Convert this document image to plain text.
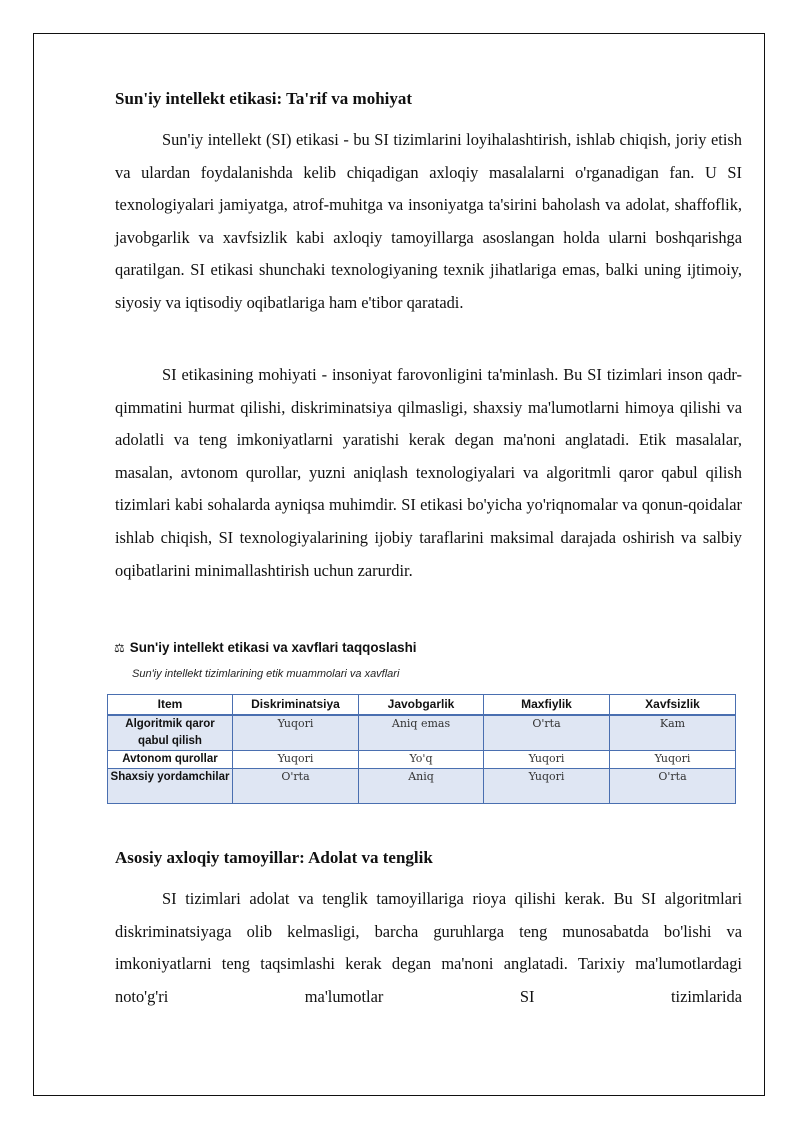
Sun'iy intellekt etikasi: Ta'rif va mohiyat

Sun'iy intellekt (SI) etikasi - bu SI tizimlarini loyihalashtirish, ishlab chiqish, joriy etish va ulardan foydalanishda kelib chiqadigan axloqiy masalalarni o'rganadigan fan. U SI texnologiyalari jamiyatga, atrof-muhitga va insoniyatga ta'sirini baholash va adolat, shaffoflik, javobgarlik va xavfsizlik kabi axloqiy tamoyillarga asoslangan holda ularni boshqarishga qaratilgan. SI etikasi shunchaki texnologiyaning texnik jihatlariga emas, balki uning ijtimoiy, siyosiy va iqtisodiy oqibatlariga ham e'tibor qaratadi.

SI etikasining mohiyati - insoniyat farovonligini ta'minlash. Bu SI tizimlari inson qadr-qimmatini hurmat qilishi, diskriminatsiya qilmasligi, shaxsiy ma'lumotlarni himoya qilishi va adolatli va teng imkoniyatlarni yaratishi kerak degan ma'noni anglatadi. Etik masalalar, masalan, avtonom qurollar, yuzni aniqlash texnologiyalari va algoritmli qaror qabul qilish tizimlari kabi sohalarda ayniqsa muhimdir. SI etikasi bo'yicha yo'riqnomalar va qonun-qoidalar ishlab chiqish, SI texnologiyalarining ijobiy taraflarini maksimal darajada oshirish va salbiy oqibatlarini minimallashtirish uchun zarurdir.

⚖ Sun'iy intellekt etikasi va xavflari taqqoslashi
Sun'iy intellekt tizimlarining etik muammolari va xavflari
Item	Diskriminatsiya	Javobgarlik	Maxfiylik	Xavfsizlik
Algoritmik qaror qabul qilish	Yuqori	Aniq emas	O'rta	Kam
Avtonom qurollar	Yuqori	Yo'q	Yuqori	Yuqori
Shaxsiy yordamchilar	O'rta	Aniq	Yuqori	O'rta
Asosiy axloqiy tamoyillar: Adolat va tenglik

SI tizimlari adolat va tenglik tamoyillariga rioya qilishi kerak. Bu SI algoritmlari diskriminatsiyaga olib kelmasligi, barcha guruhlarga teng munosabatda bo'lishi va imkoniyatlarni teng taqsimlashi kerak degan ma'noni anglatadi. Tarixiy ma'lumotlardagi noto'g'ri ma'lumotlar SI tizimlarida
